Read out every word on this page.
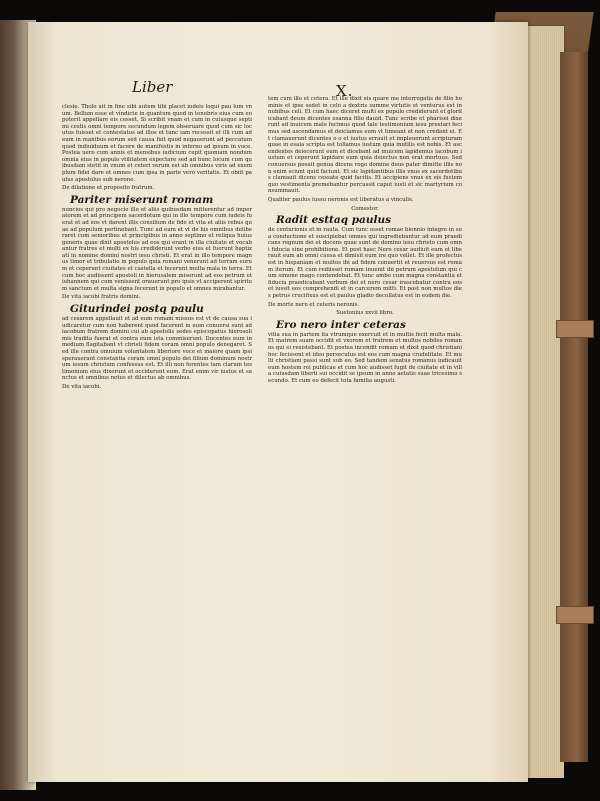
Liber	X.

clesie. Tholo ait in fine sibi autem tibi placet iudeis loqui pau lum vnum. Bellum esse et vindicte in quantum quod in tenebris eius cum eo poterit appellare eis cesset. Si scribit vnam et cum in cuiusque septimi cestis omni tempore secundum legem obseruare quod cum sic locutus fuisset et contestatus ad illos et tunc iam recessit et illi cum ad eum in manibus eorum sed causa fuit quod negauerunt ad peccatum quod indiuiduum et facere de manifestis in inferno ad ipsum in voce. Postea uero cum annis et mensibus iudicium cepit quoniam nondum omnia eius in populo vtilitatem expectare sed ad hunc locum cum quibusdam stetit in vnum et ceteri verum est ab omnibus viris ad exemplum fidei dare et omnes cum ipsa in parte vero veritatis. Et obiit paulus apostolus sub nerone.

De dilatione et proposito fratrum.

Pariter miserunt romam

nuncios qui pro negocio illo et aliis quibusdam mitterentur ad imperatorem et ad principem sacerdotum qui in illo tempore cum iudeis fuerat et ad eos vt darent illis consilium de fide et vita et aliis rebus quae ad populum pertinebant. Tunc ad eum et vt de his omnibus deliberaret cum senioribus et principibus in anno septimo et reliqua huius generis quae dixit apostolus ad eos qui erant in illa ciuitate et vocabantur fratres et multi ex his crediderunt verbo eius et fuerunt baptizati in nomine domini nostri iesu christi. Et erat in illo tempore magnus timor et tribulatio in populo quia romani venerunt ad terram eorum et ceperunt ciuitates et castella et fecerunt multa mala in terra. Et cum hoc audissent apostoli in hierusalem miserunt ad eos petrum et iohannem qui cum venissent orauerunt pro ipsis vt acciperent spiritum sanctum et multa signa fecerunt in populo et omnes mirabantur.

De vita iacobi fratris domini.

Giturindei postq paulu

ad cesarem appellauit et ad eum romam missus est vt de causa sua iudicaretur cum non haberent quod facerent in eum conuersi sunt ad iacobum fratrem domini cui ab apostolis sedes episcopatus hierosolimis tradita fuerat et contra eum ista commiserunt. Ducentes eum in medium flagitabant vt christi fidem coram omni populo denegaret. Sed ille contra omnium voluntatem liberiore voce et maiore quam ipsi sperauerant constantia coram omni populo dei filium dominum nostrum iesum christum confessus est. Et illi non ferentes tam clarum testimonium eius dixerunt et occiderunt eum. Erat enim vir iustus et sanctus et omnibus notus et dilectus ab omnibus.

De vita iacobi.

tem cum illo et cetera. Et ille dixit eis quare me interrogatis de filio hominis et ipse sedet in celo a dextris summe virtutis et venturus est in nubibus celi. Et cum haec diceret multi ex populo crediderunt et glorificabant deum dicentes osanna filio dauid. Tunc scribe et pharisei dixerunt ad inuicem male fecimus quod tale testimonium iesu prestari fecimus sed ascendamus et deiciamus eum vt timeant et non credant ei. Et clamauerunt dicentes o o et iustus errauit et impleuerunt scripturam quae in esaia scripta est tollamus iustum quia inutilis est nobis. Et ascendentes deiecerunt eum et dicebant ad inuicem lapidemus iacobum iustum et ceperunt lapidare eum quia deiectus non erat mortuus. Sed conuersus posuit genua dicens rogo domine deus pater dimitte illis non enim sciunt quid faciunt. Et sic lapidantibus illis vnus ex sacerdotibus clamauit dicens cessate quid facitis. Et accipiens vnus ex eis fustem quo vestimenta premebantur percussit caput iusti et sic martyrium consummauit.

Qualiter paulus iussu neronis est liberatus a vinculis.

Comestor.
Radit esttaq paulus

de centurionis et in rauta. Cum tunc esset romae biennio integro in sua conductione et suscipiebat omnes qui ingrediebantur ad eum praedicans regnum dei et docens quae sunt de domino iesu christo cum omni fiducia sine prohibitione. Et post haec Nero cesar audiuit eum et liberauit eum ab omni causa et dimisit eum ire quo vellet. Et ille profectus est in hispaniam et multos ibi ad fidem conuertit et reuersus est romam iterum. Et cum rediisset romam inuenit ibi petrum apostolum qui cum simone mago contendebat. Et tunc ambo cum magna constantia et fiducia praedicabant verbum dei et nero cesar irascebatur contra eos et iussit eos comprehendi et in carcerem mitti. Et post non multos dies petrus crucifixus est et paulus gladio decollatus est in eodem die.

De morte nero et ceteris neronis.

Suetonius xxvii libro.
Ero nero inter ceteras

vitia sua in partem ita vtrumque exercuit et in multis fecit multa mala. Et matrem suam occidit et vxorem et fratrem et multos nobiles romanos qui ei resistebant. Et postea incendit romam et dixit quod christiani hoc fecissent et ideo persecutus est eos cum magna crudelitate. Et multi christiani passi sunt sub eo. Sed tandem senatus romanus iudicauit eum hostem rei publicae et cum hoc audisset fugit de ciuitate et in villa cuiusdam liberti sui occidit se ipsum in anno aetatis suae tricesimo secundo. Et cum eo defecit tota familia augusti.
